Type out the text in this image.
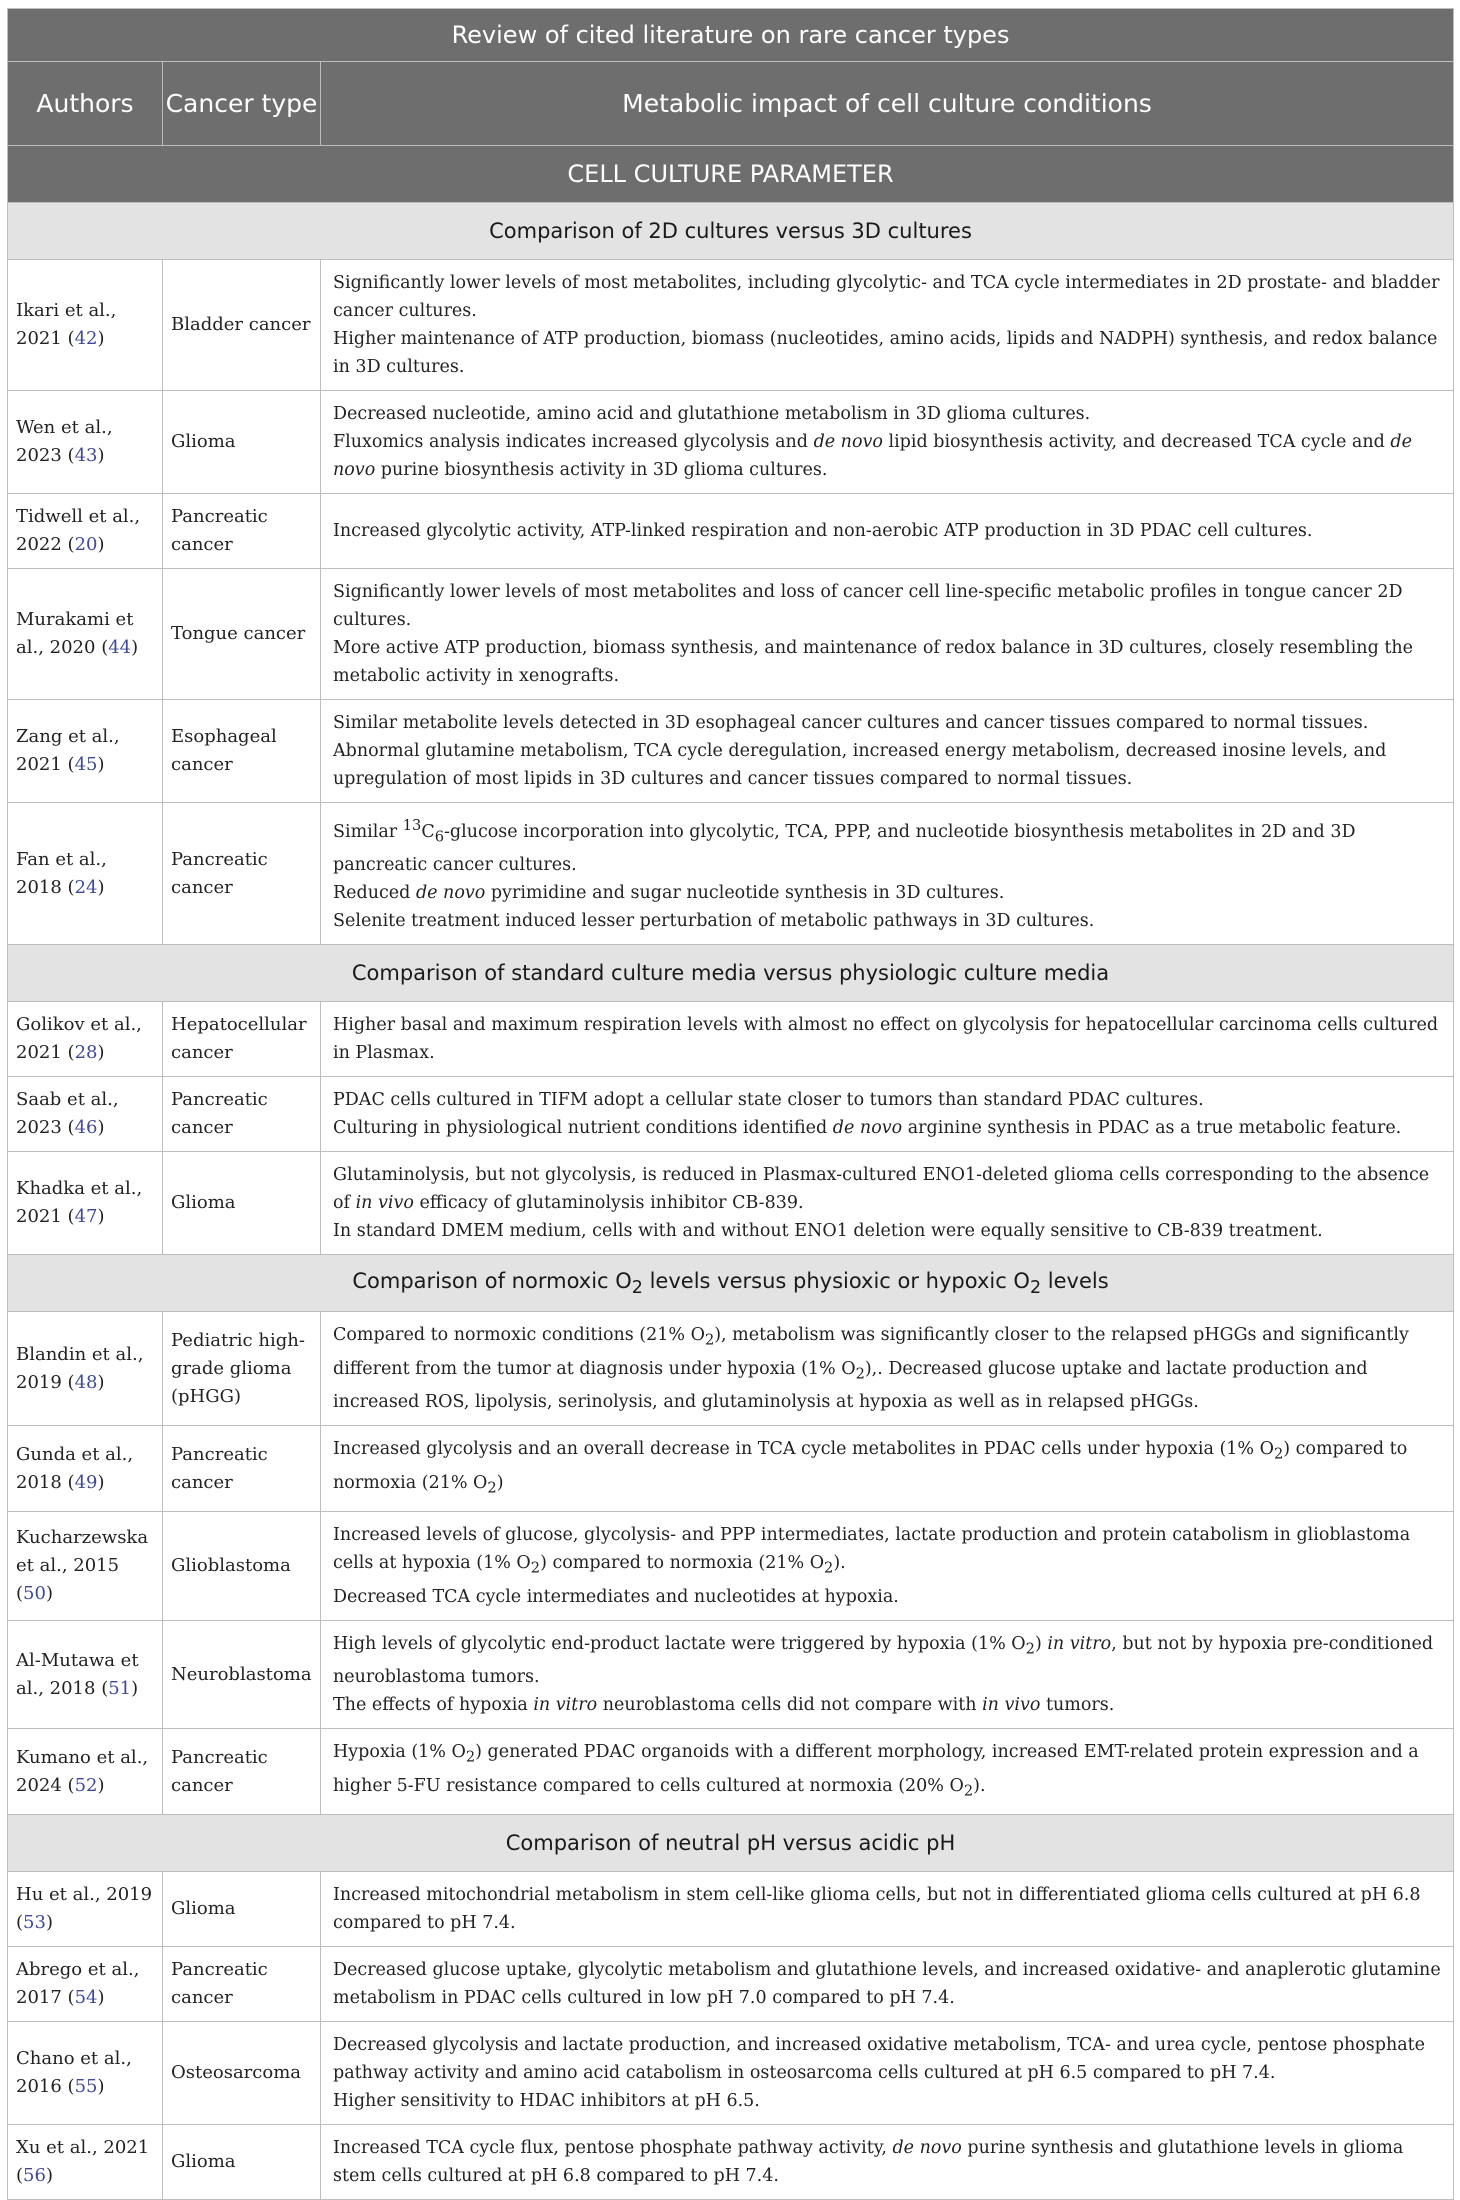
Review of cited literature on rare cancer types		
Authors	Cancer type	Metabolic impact of cell culture conditions
CELL CULTURE PARAMETER		
Comparison of 2D cultures versus 3D cultures		
Ikari et al., 2021 (42)	Bladder cancer	Significantly lower levels of most metabolites, including glycolytic- and TCA cycle intermediates in 2D prostate- and bladder cancer cultures.
Higher maintenance of ATP production, biomass (nucleotides, amino acids, lipids and NADPH) synthesis, and redox balance in 3D cultures.

Wen et al., 2023 (43)	Glioma	Decreased nucleotide, amino acid and glutathione metabolism in 3D glioma cultures.
Fluxomics analysis indicates increased glycolysis and de novo lipid biosynthesis activity, and decreased TCA cycle and de novo purine biosynthesis activity in 3D glioma cultures.

Tidwell et al., 2022 (20)	Pancreatic cancer	Increased glycolytic activity, ATP-linked respiration and non-aerobic ATP production in 3D PDAC cell cultures.

Murakami et al., 2020 (44)	Tongue cancer	Significantly lower levels of most metabolites and loss of cancer cell line-specific metabolic profiles in tongue cancer 2D cultures.
More active ATP production, biomass synthesis, and maintenance of redox balance in 3D cultures, closely resembling the metabolic activity in xenografts.

Zang et al., 2021 (45)	Esophageal cancer	Similar metabolite levels detected in 3D esophageal cancer cultures and cancer tissues compared to normal tissues.
Abnormal glutamine metabolism, TCA cycle deregulation, increased energy metabolism, decreased inosine levels, and upregulation of most lipids in 3D cultures and cancer tissues compared to normal tissues.

Fan et al., 2018 (24)	Pancreatic cancer	Similar $^{13}C_6$-glucose incorporation into glycolytic, TCA, PPP, and nucleotide biosynthesis metabolites in 2D and 3D pancreatic cancer cultures.
Reduced de novo pyrimidine and sugar nucleotide synthesis in 3D cultures.
Selenite treatment induced lesser perturbation of metabolic pathways in 3D cultures.

Comparison of standard culture media versus physiologic culture media		
Golikov et al., 2021 (28)	Hepatocellular cancer	Higher basal and maximum respiration levels with almost no effect on glycolysis for hepatocellular carcinoma cells cultured in Plasmax.

Saab et al., 2023 (46)	Pancreatic cancer	PDAC cells cultured in TIFM adopt a cellular state closer to tumors than standard PDAC cultures.
Culturing in physiological nutrient conditions identified de novo arginine synthesis in PDAC as a true metabolic feature.

Khadka et al., 2021 (47)	Glioma	Glutaminolysis, but not glycolysis, is reduced in Plasmax-cultured ENO1-deleted glioma cells corresponding to the absence of in vivo efficacy of glutaminolysis inhibitor CB-839.
In standard DMEM medium, cells with and without ENO1 deletion were equally sensitive to CB-839 treatment.

Comparison of normoxic $O_2$ levels versus physioxic or hypoxic $O_2$ levels		
Blandin et al., 2019 (48)	Pediatric high-grade glioma (pHGG)	Compared to normoxic conditions (21% $O_2$), metabolism was significantly closer to the relapsed pHGGs and significantly different from the tumor at diagnosis under hypoxia (1% $O_2$),. Decreased glucose uptake and lactate production and increased ROS, lipolysis, serinolysis, and glutaminolysis at hypoxia as well as in relapsed pHGGs.

Gunda et al., 2018 (49)	Pancreatic cancer	Increased glycolysis and an overall decrease in TCA cycle metabolites in PDAC cells under hypoxia (1% $O_2$) compared to normoxia (21% $O_2$)

Kucharzewska et al., 2015 (50)	Glioblastoma	Increased levels of glucose, glycolysis- and PPP intermediates, lactate production and protein catabolism in glioblastoma cells at hypoxia (1% $O_2$) compared to normoxia (21% $O_2$).
Decreased TCA cycle intermediates and nucleotides at hypoxia.

Al-Mutawa et al., 2018 (51)	Neuroblastoma	High levels of glycolytic end-product lactate were triggered by hypoxia (1% $O_2$) in vitro, but not by hypoxia pre-conditioned neuroblastoma tumors.
The effects of hypoxia in vitro neuroblastoma cells did not compare with in vivo tumors.

Kumano et al., 2024 (52)	Pancreatic cancer	Hypoxia (1% $O_2$) generated PDAC organoids with a different morphology, increased EMT-related protein expression and a higher 5-FU resistance compared to cells cultured at normoxia (20% $O_2$).

Comparison of neutral pH versus acidic pH		
Hu et al., 2019 (53)	Glioma	Increased mitochondrial metabolism in stem cell-like glioma cells, but not in differentiated glioma cells cultured at pH 6.8 compared to pH 7.4.

Abrego et al., 2017 (54)	Pancreatic cancer	Decreased glucose uptake, glycolytic metabolism and glutathione levels, and increased oxidative- and anaplerotic glutamine metabolism in PDAC cells cultured in low pH 7.0 compared to pH 7.4.

Chano et al., 2016 (55)	Osteosarcoma	Decreased glycolysis and lactate production, and increased oxidative metabolism, TCA- and urea cycle, pentose phosphate pathway activity and amino acid catabolism in osteosarcoma cells cultured at pH 6.5 compared to pH 7.4.
Higher sensitivity to HDAC inhibitors at pH 6.5.

Xu et al., 2021 (56)	Glioma	Increased TCA cycle flux, pentose phosphate pathway activity, de novo purine synthesis and glutathione levels in glioma stem cells cultured at pH 6.8 compared to pH 7.4.
